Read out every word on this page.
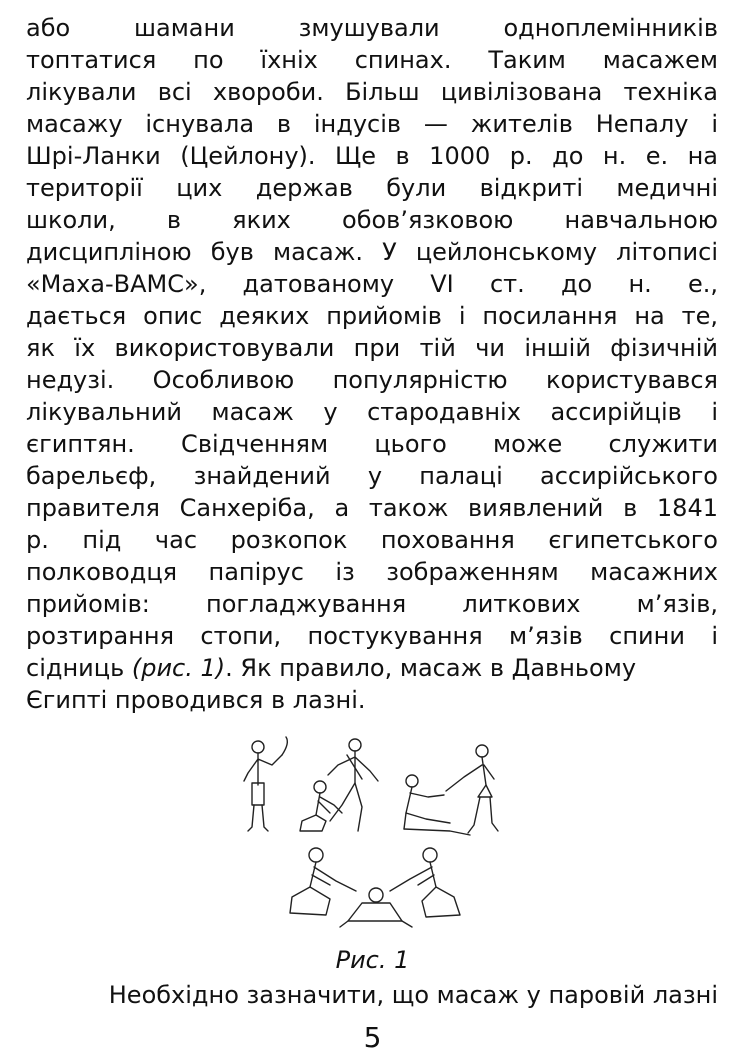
або шамани змушували одноплемінників
топтатися по їхніх спинах. Таким масажем
лікували всі хвороби. Більш цивілізована техніка
масажу існувала в індусів — жителів Непалу і
Шрі-Ланки (Цейлону). Ще в 1000 р. до н. е. на
території цих держав були відкриті медичні
школи, в яких обов’язковою навчальною
дисципліною був масаж. У цейлонському літописі
«Маха-ВАМС», датованому VI ст. до н. е.,
дається опис деяких прийомів і посилання на те,
як їх використовували при тій чи іншій фізичній
недузі. Особливою популярністю користувався
лікувальний масаж у стародавніх ассирійців і
єгиптян. Свідченням цього може служити
барельєф, знайдений у палаці ассирійського
правителя Санхеріба, а також виявлений в 1841
р. під час розкопок поховання єгипетського
полководця папірус із зображенням масажних
прийомів: погладжування литкових м’язів,
розтирання стопи, постукування м’язів спини і
сідниць (рис. 1). Як правило, масаж в Давньому
Єгипті проводився в лазні.
Рис. 1
Необхідно зазначити, що масаж у паровій лазні
5
